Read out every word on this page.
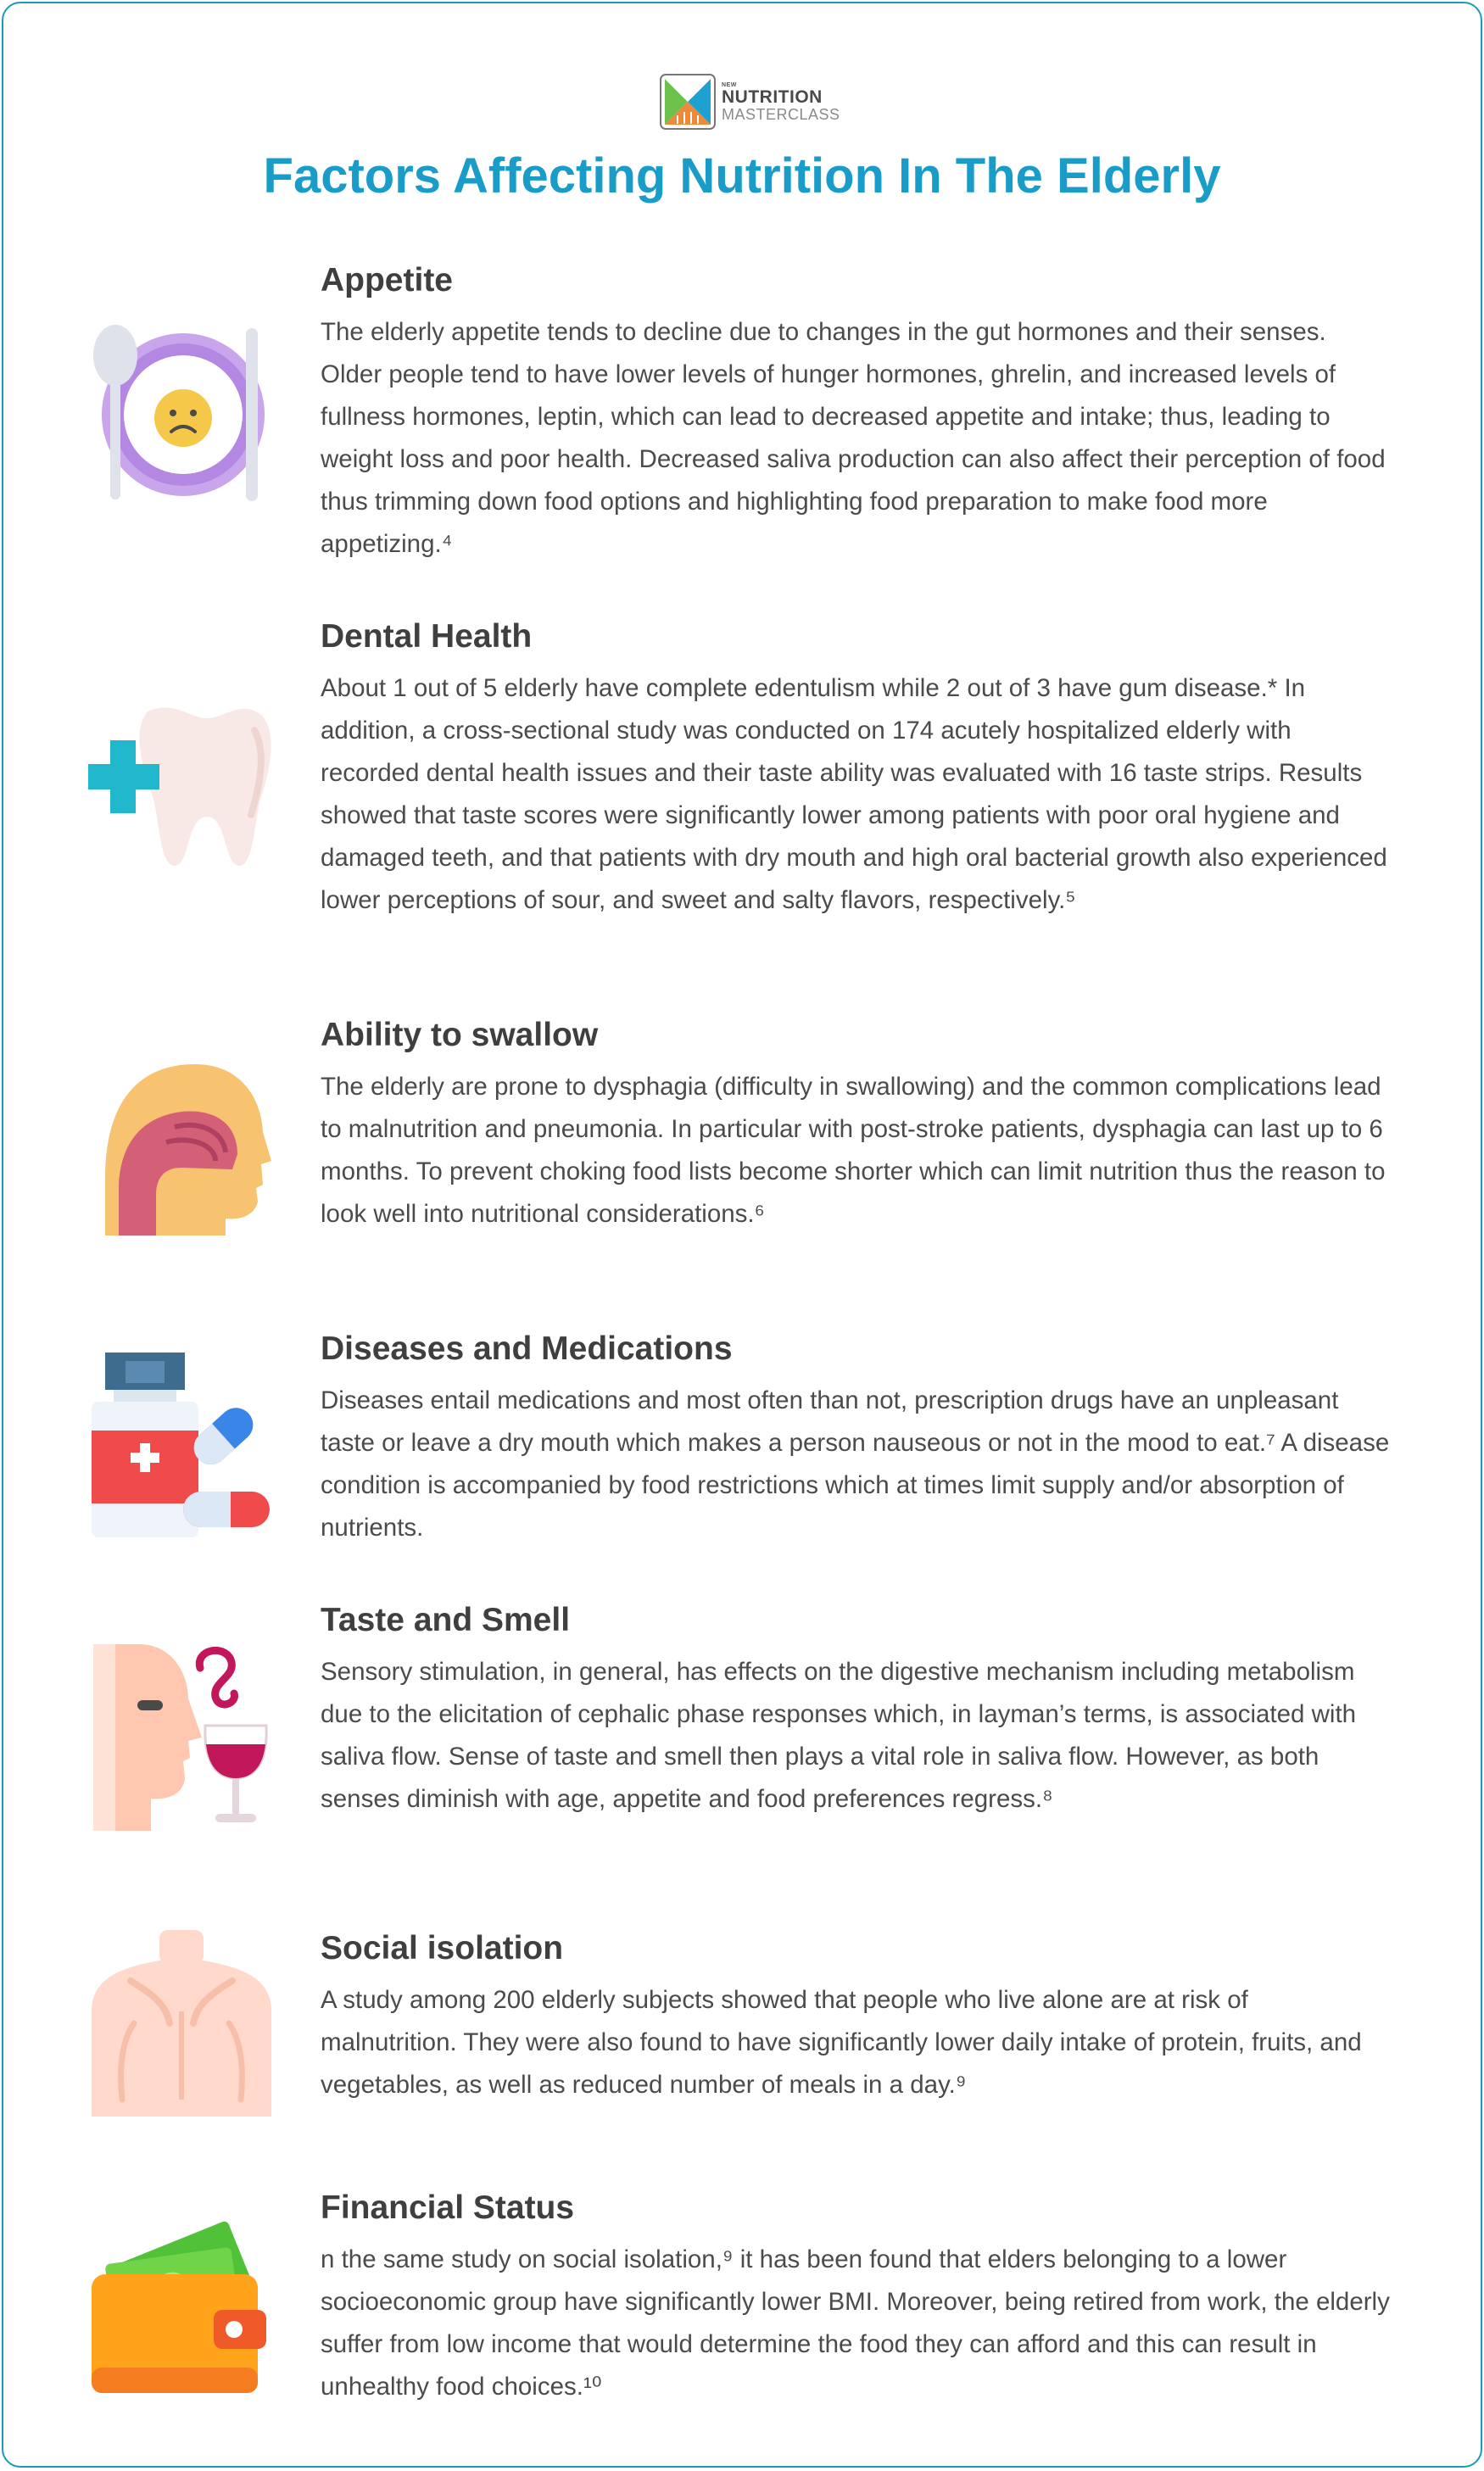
NEW
NUTRITION
MASTERCLASS
Factors Affecting Nutrition In The Elderly
Appetite

The elderly appetite tends to decline due to changes in the gut hormones and their senses. Older people tend to have lower levels of hunger hormones, ghrelin, and increased levels of fullness hormones, leptin, which can lead to decreased appetite and intake; thus, leading to weight loss and poor health. Decreased saliva production can also affect their perception of food thus trimming down food options and highlighting food preparation to make food more appetizing.⁴

Dental Health

About 1 out of 5 elderly have complete edentulism while 2 out of 3 have gum disease.* In addition, a cross-sectional study was conducted on 174 acutely hospitalized elderly with recorded dental health issues and their taste ability was evaluated with 16 taste strips. Results showed that taste scores were significantly lower among patients with poor oral hygiene and damaged teeth, and that patients with dry mouth and high oral bacterial growth also experienced lower perceptions of sour, and sweet and salty flavors, respectively.⁵

Ability to swallow

The elderly are prone to dysphagia (difficulty in swallowing) and the common complications lead to malnutrition and pneumonia. In particular with post-stroke patients, dysphagia can last up to 6 months. To prevent choking food lists become shorter which can limit nutrition thus the reason to look well into nutritional considerations.⁶

Diseases and Medications

Diseases entail medications and most often than not, prescription drugs have an unpleasant taste or leave a dry mouth which makes a person nauseous or not in the mood to eat.⁷ A disease condition is accompanied by food restrictions which at times limit supply and/or absorption of nutrients.

Taste and Smell

Sensory stimulation, in general, has effects on the digestive mechanism including metabolism due to the elicitation of cephalic phase responses which, in layman’s terms, is associated with saliva flow. Sense of taste and smell then plays a vital role in saliva flow. However, as both senses diminish with age, appetite and food preferences regress.⁸

Social isolation

A study among 200 elderly subjects showed that people who live alone are at risk of malnutrition. They were also found to have significantly lower daily intake of protein, fruits, and vegetables, as well as reduced number of meals in a day.⁹

Financial Status

n the same study on social isolation,⁹ it has been found that elders belonging to a lower socioeconomic group have significantly lower BMI. Moreover, being retired from work, the elderly suffer from low income that would determine the food they can afford and this can result in unhealthy food choices.¹⁰
